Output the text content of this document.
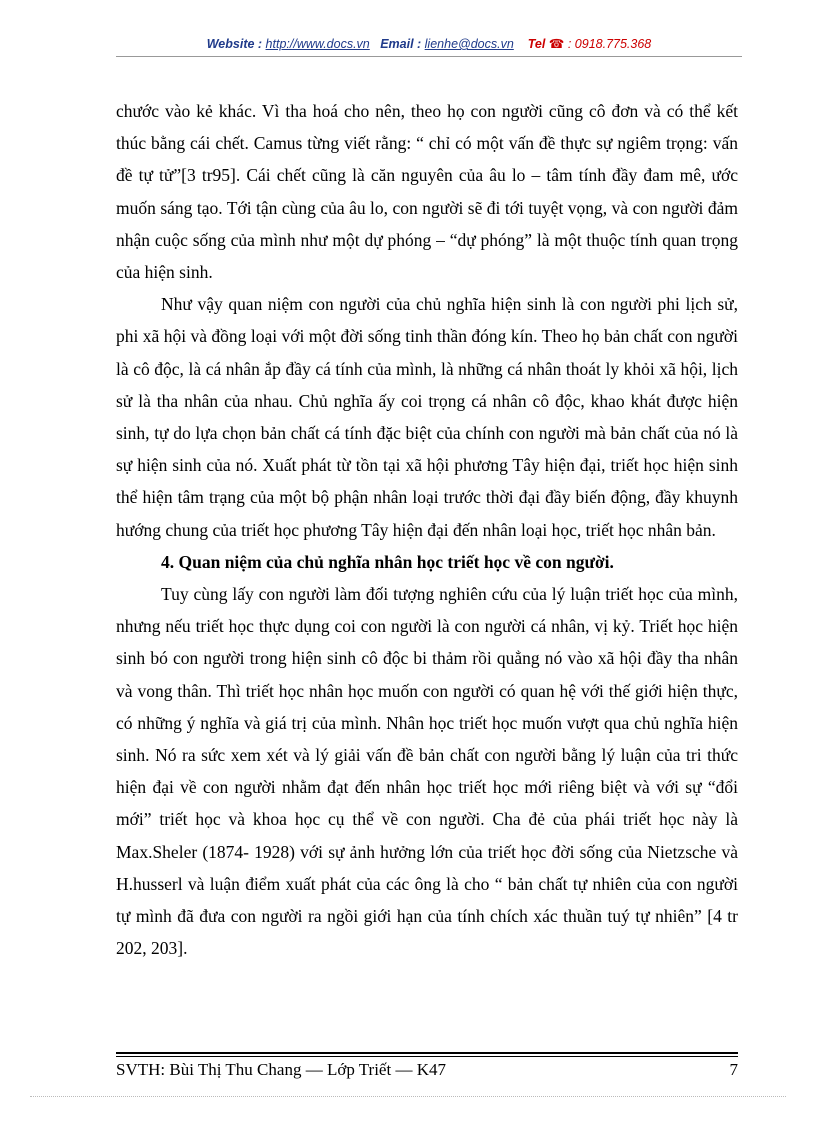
Website : http://www.docs.vn Email : lienhe@docs.vn Tel ☎ : 0918.775.368

chước vào kẻ khác. Vì tha hoá cho nên, theo họ con người cũng cô đơn và có thể kết thúc bằng cái chết. Camus từng viết rằng: “ chỉ có một vấn đề thực sự ngiêm trọng: vấn đề tự tử”[3 tr95]. Cái chết cũng là căn nguyên của âu lo – tâm tính đầy đam mê, ước muốn sáng tạo. Tới tận cùng của âu lo, con người sẽ đi tới tuyệt vọng, và con người đảm nhận cuộc sống của mình như một dự phóng – “dự phóng” là một thuộc tính quan trọng của hiện sinh.

Như vậy quan niệm con người của chủ nghĩa hiện sinh là con người phi lịch sử, phi xã hội và đồng loại với một đời sống tinh thần đóng kín. Theo họ bản chất con người là cô độc, là cá nhân ắp đầy cá tính của mình, là những cá nhân thoát ly khỏi xã hội, lịch sử là tha nhân của nhau. Chủ nghĩa ấy coi trọng cá nhân cô độc, khao khát được hiện sinh, tự do lựa chọn bản chất cá tính đặc biệt của chính con người mà bản chất của nó là sự hiện sinh của nó. Xuất phát từ tồn tại xã hội phương Tây hiện đại, triết học hiện sinh thể hiện tâm trạng của một bộ phận nhân loại trước thời đại đầy biến động, đầy khuynh hướng chung của triết học phương Tây hiện đại đến nhân loại học, triết học nhân bản.

4. Quan niệm của chủ nghĩa nhân học triết học về con người.

Tuy cùng lấy con người làm đối tượng nghiên cứu của lý luận triết học của mình, nhưng nếu triết học thực dụng coi con người là con người cá nhân, vị kỷ. Triết học hiện sinh bó con người trong hiện sinh cô độc bi thảm rồi quẳng nó vào xã hội đầy tha nhân và vong thân. Thì triết học nhân học muốn con người có quan hệ với thế giới hiện thực, có những ý nghĩa và giá trị của mình. Nhân học triết học muốn vượt qua chủ nghĩa hiện sinh. Nó ra sức xem xét và lý giải vấn đề bản chất con người bằng lý luận của tri thức hiện đại về con người nhằm đạt đến nhân học triết học mới riêng biệt và với sự “đổi mới” triết học và khoa học cụ thể về con người. Cha đẻ của phái triết học này là Max.Sheler (1874- 1928) với sự ảnh hưởng lớn của triết học đời sống của Nietzsche và H.husserl và luận điểm xuất phát của các ông là cho “ bản chất tự nhiên của con người tự mình đã đưa con người ra ngồi giới hạn của tính chích xác thuần tuý tự nhiên” [4 tr 202, 203].

SVTH: Bùi Thị Thu Chang — Lớp Triết — K47	7
